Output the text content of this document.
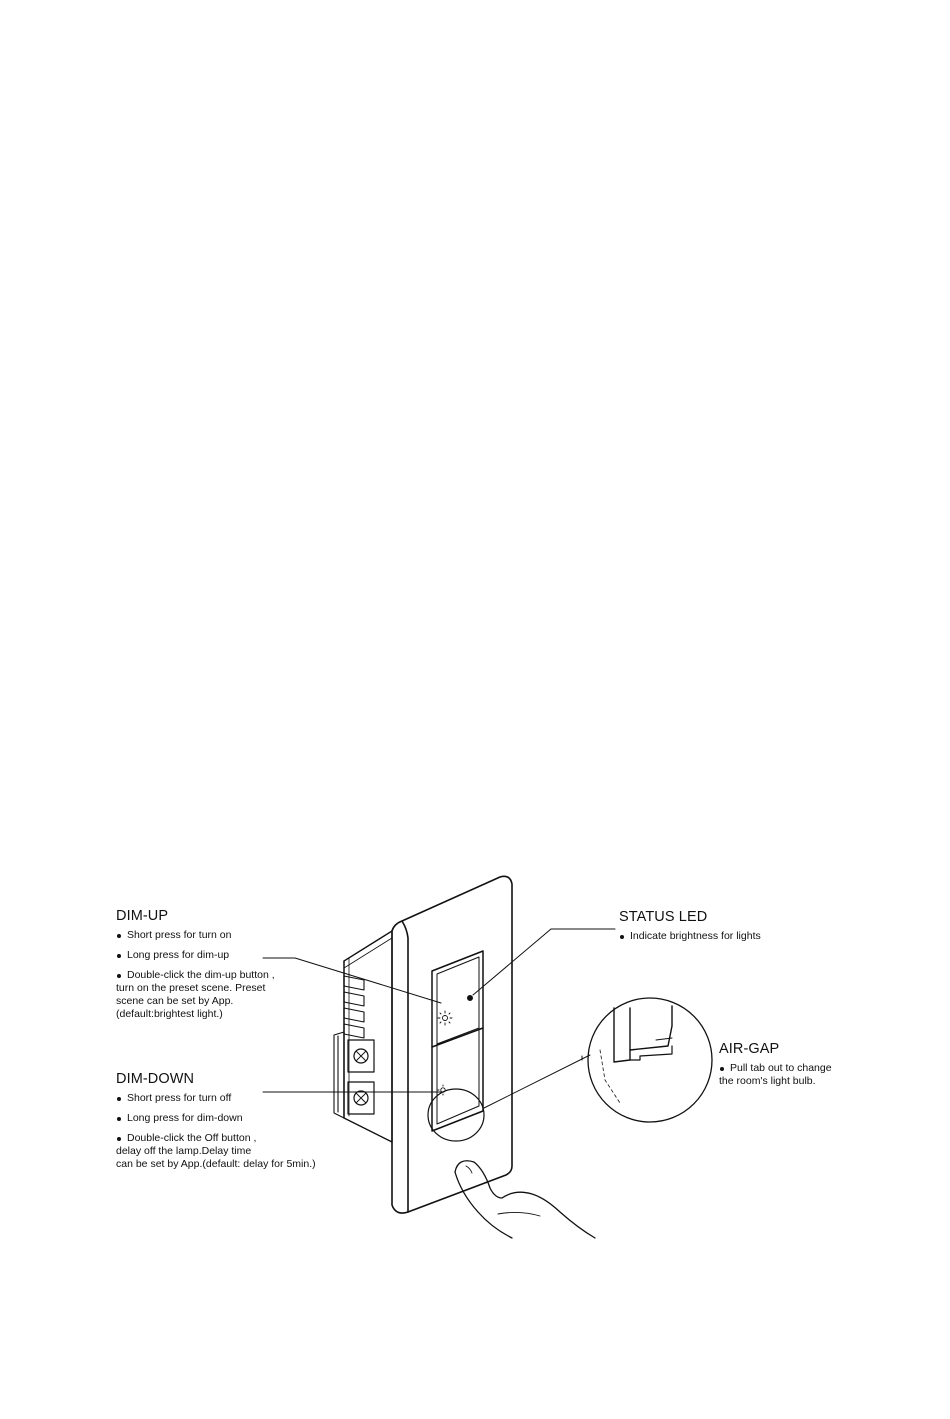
DIM-UP
Short press for turn on
Long press for dim-up
Double-click the dim-up button ,
turn on the preset scene. Preset
scene can be set by App.
(default:brightest light.)
DIM-DOWN
Short press for turn off
Long press for dim-down
Double-click the Off button ,
delay off the lamp.Delay time
can be set by App.(default: delay for 5min.)
STATUS LED
Indicate brightness for lights
AIR-GAP
Pull tab out to change
the room's light bulb.
